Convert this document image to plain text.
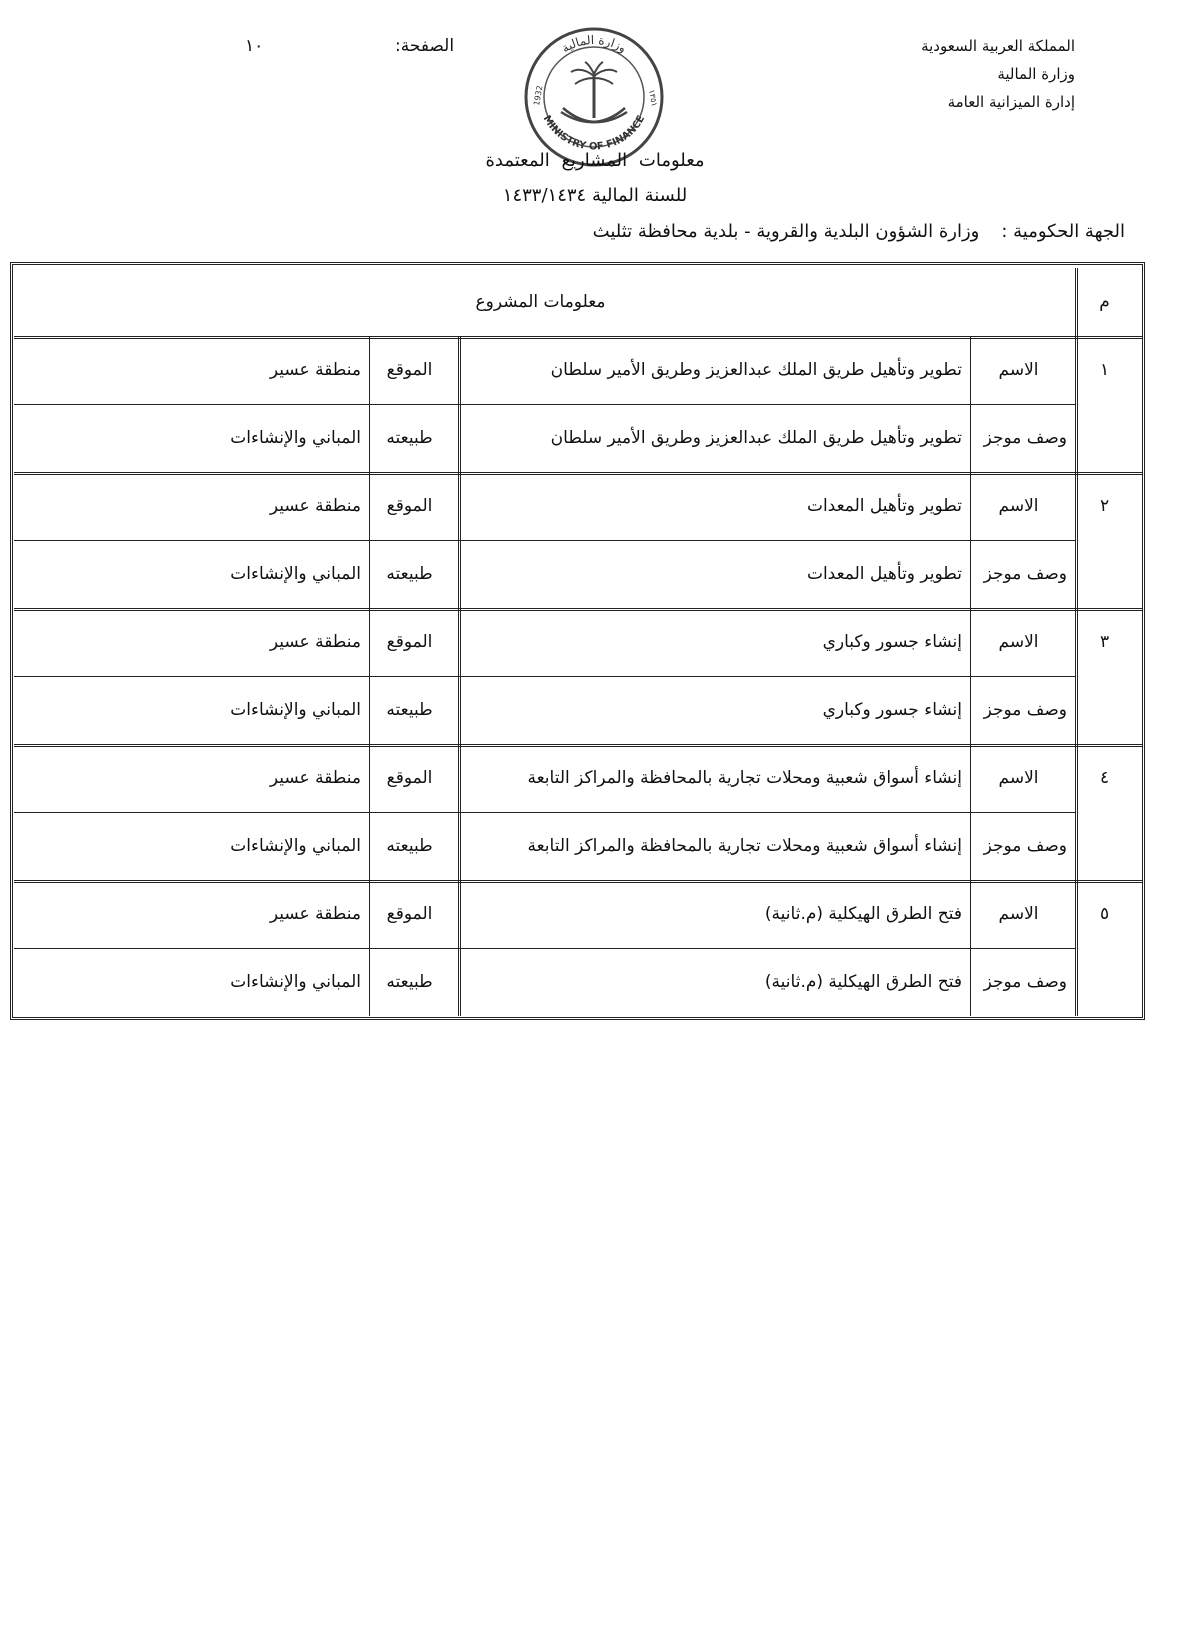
المملكة العربية السعودية
وزارة المالية
إدارة الميزانية العامة
الصفحة:
١٠	وزارة المالية
MINISTRY OF FINANCE
1932	١٣٥١
معلومات المشاريع المعتمدة
للسنة المالية ١٤٣٣/١٤٣٤
الجهة الحكومية :وزارة الشؤون البلدية والقروية - بلدية محافظة تثليث
م
معلومات المشروع
١
الاسم
تطوير وتأهيل طريق الملك عبدالعزيز وطريق الأمير سلطان
الموقع
منطقة عسير
وصف موجز
تطوير وتأهيل طريق الملك عبدالعزيز وطريق الأمير سلطان
طبيعته
المباني والإنشاءات
٢
الاسم
تطوير وتأهيل المعدات
الموقع
منطقة عسير
وصف موجز
تطوير وتأهيل المعدات
طبيعته
المباني والإنشاءات
٣
الاسم
إنشاء جسور وكباري
الموقع
منطقة عسير
وصف موجز
إنشاء جسور وكباري
طبيعته
المباني والإنشاءات
٤
الاسم
إنشاء أسواق شعبية ومحلات تجارية بالمحافظة والمراكز التابعة
الموقع
منطقة عسير
وصف موجز
إنشاء أسواق شعبية ومحلات تجارية بالمحافظة والمراكز التابعة
طبيعته
المباني والإنشاءات
٥
الاسم
فتح الطرق الهيكلية (م.ثانية)
الموقع
منطقة عسير
وصف موجز
فتح الطرق الهيكلية (م.ثانية)
طبيعته
المباني والإنشاءات
